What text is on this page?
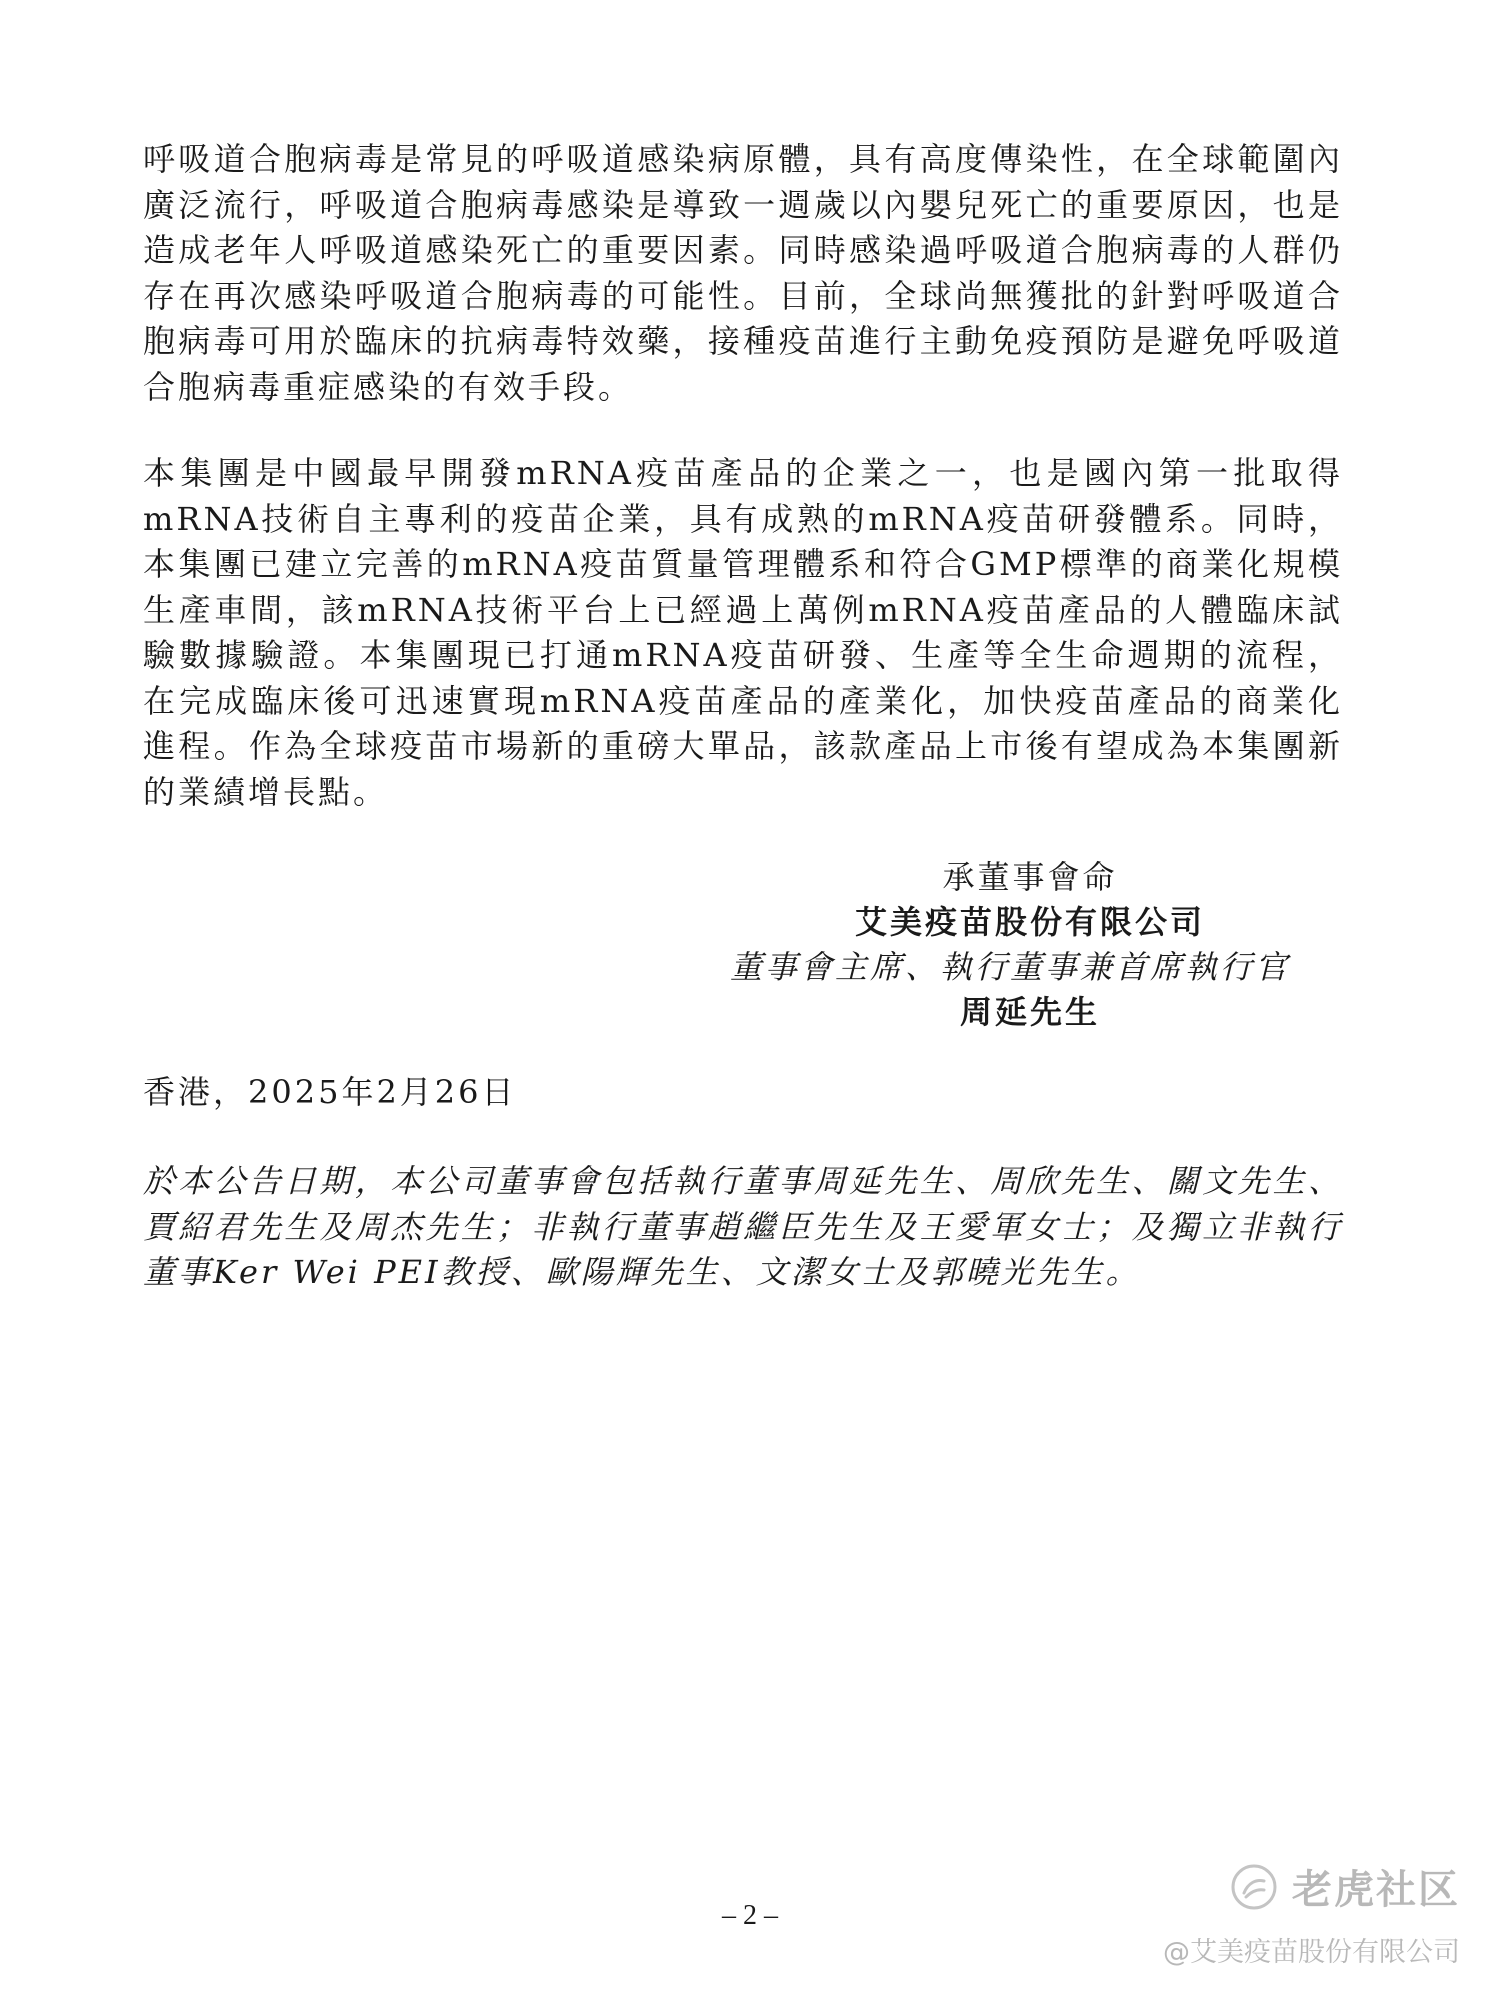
呼吸道合胞病毒是常見的呼吸道感染病原體，具有高度傳染性，在全球範圍內廣泛流行，呼吸道合胞病毒感染是導致一週歲以內嬰兒死亡的重要原因，也是造成老年人呼吸道感染死亡的重要因素。同時感染過呼吸道合胞病毒的人群仍存在再次感染呼吸道合胞病毒的可能性。目前，全球尚無獲批的針對呼吸道合胞病毒可用於臨床的抗病毒特效藥，接種疫苗進行主動免疫預防是避免呼吸道合胞病毒重症感染的有效手段。

本集團是中國最早開發mRNA疫苗產品的企業之一，也是國內第一批取得mRNA技術自主專利的疫苗企業，具有成熟的mRNA疫苗研發體系。同時，本集團已建立完善的mRNA疫苗質量管理體系和符合GMP標準的商業化規模生產車間，該mRNA技術平台上已經過上萬例mRNA疫苗產品的人體臨床試驗數據驗證。本集團現已打通mRNA疫苗研發、生產等全生命週期的流程，在完成臨床後可迅速實現mRNA疫苗產品的產業化，加快疫苗產品的商業化進程。作為全球疫苗市場新的重磅大單品，該款產品上市後有望成為本集團新的業績增長點。

承董事會命
艾美疫苗股份有限公司
董事會主席、執行董事兼首席執行官
周延先生
香港，2025年2月26日

於本公告日期，本公司董事會包括執行董事周延先生、周欣先生、關文先生、賈紹君先生及周杰先生；非執行董事趙繼臣先生及王愛軍女士；及獨立非執行董事Ker Wei PEI教授、歐陽輝先生、文潔女士及郭曉光先生。

– 2 –
老虎社区
@艾美疫苗股份有限公司
